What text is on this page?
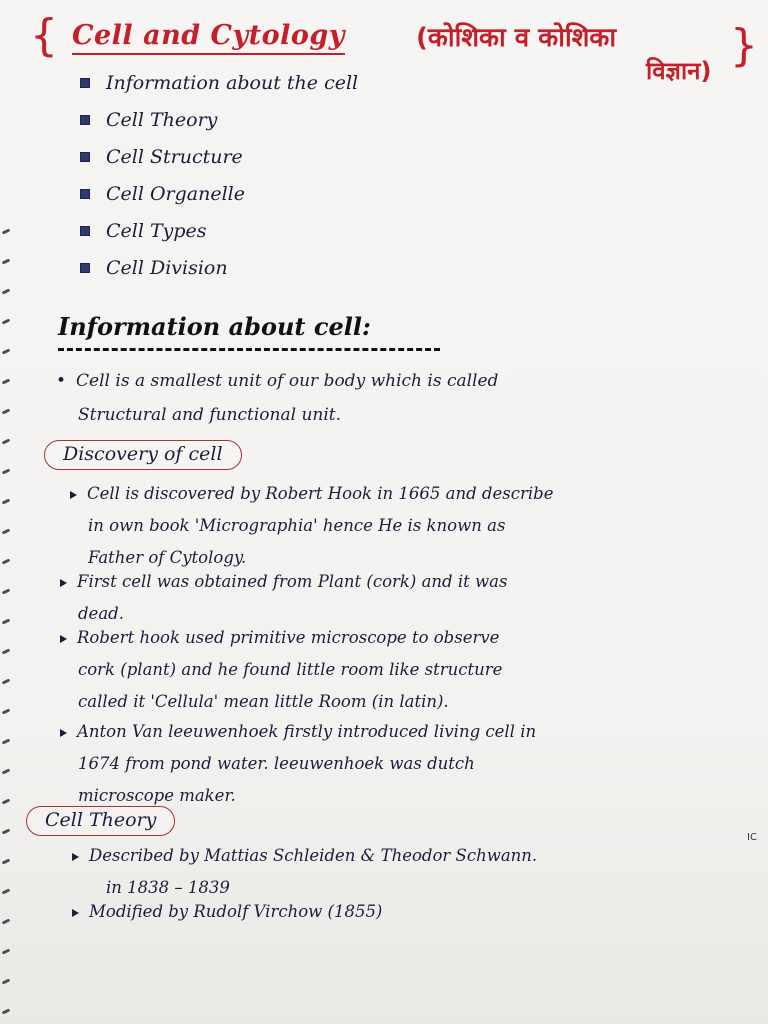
{ Cell and Cytology	(कोशिका व कोशिका
विज्ञान) }
Information about the cell
Cell Theory
Cell Structure
Cell Organelle
Cell Types
Cell Division
Information about cell:
• Cell is a smallest unit of our body which is called
Structural and functional unit.
Discovery of cell
Cell is discovered by Robert Hook in 1665 and describe
in own book 'Micrographia' hence He is known as
Father of Cytology.
First cell was obtained from Plant (cork) and it was
dead.
Robert hook used primitive microscope to observe
cork (plant) and he found little room like structure
called it 'Cellula' mean little Room (in latin).
Anton Van leeuwenhoek firstly introduced living cell in
1674 from pond water. leeuwenhoek was dutch
microscope maker.
Cell Theory
Described by Mattias Schleiden & Theodor Schwann.
in 1838 – 1839
Modified by Rudolf Virchow (1855)
IC
